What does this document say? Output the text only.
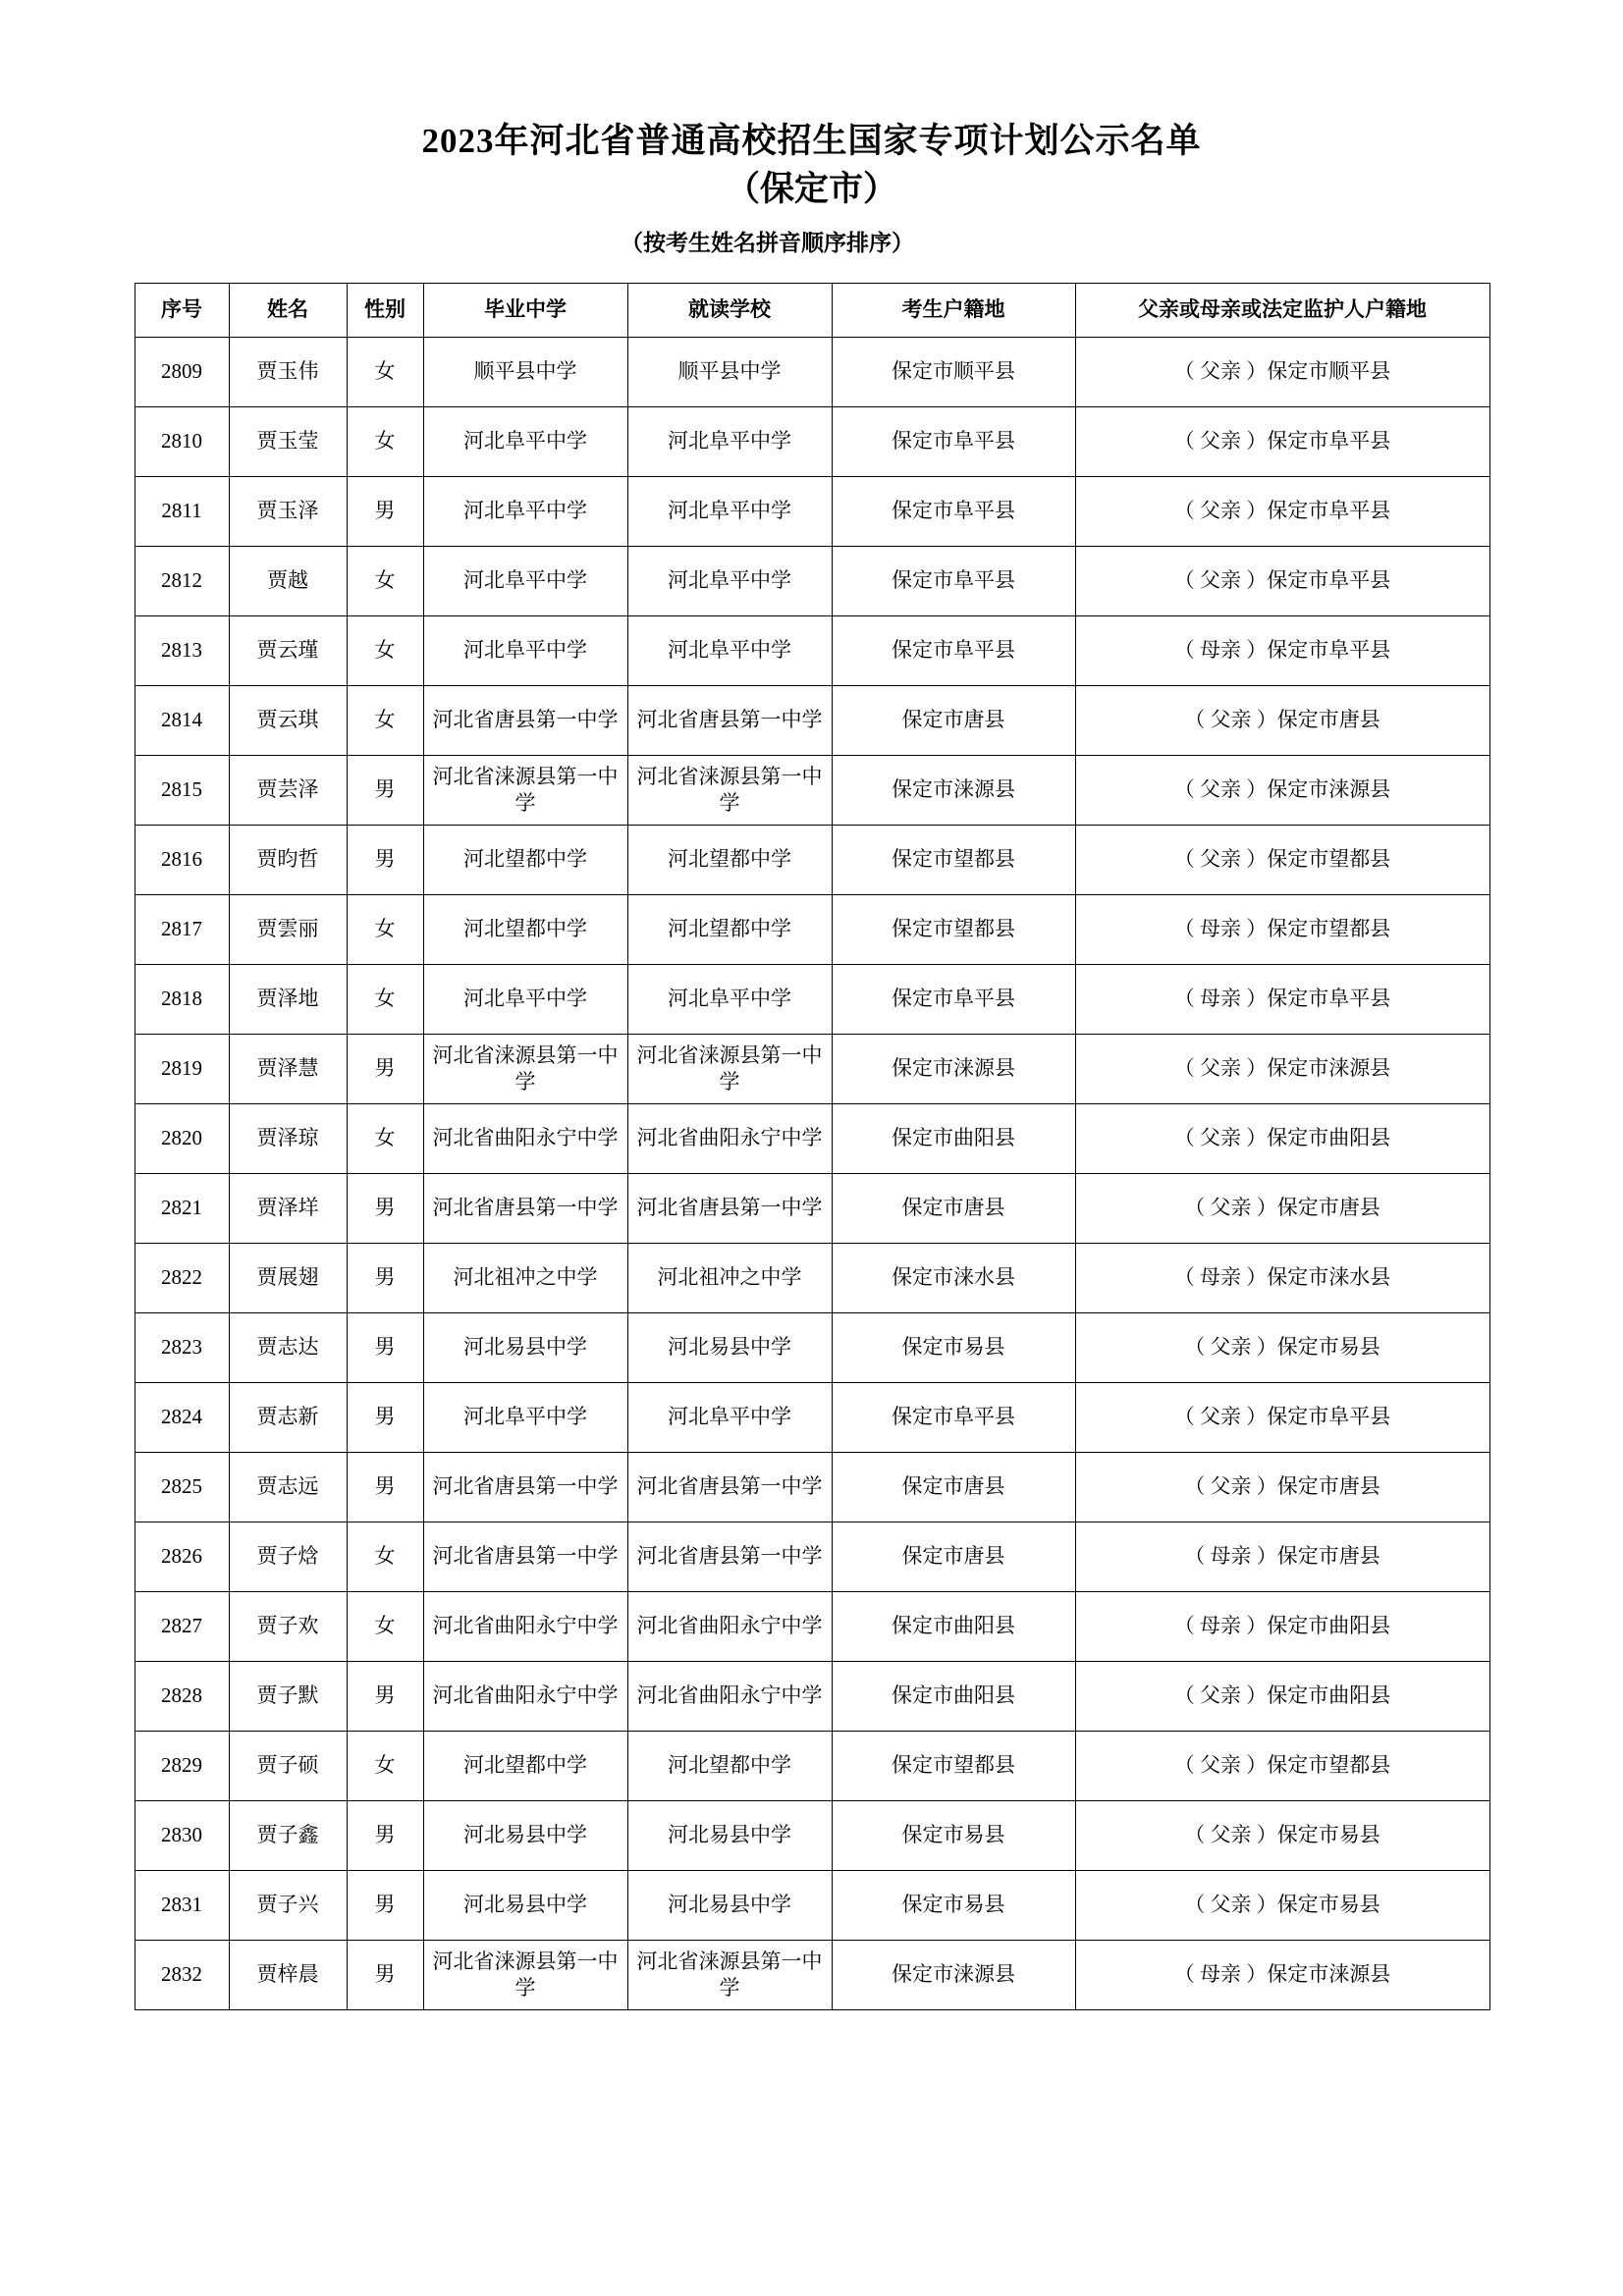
2023年河北省普通高校招生国家专项计划公示名单
（保定市）
（按考生姓名拼音顺序排序）
序号	姓名	性别	毕业中学	就读学校	考生户籍地	父亲或母亲或法定监护人户籍地
2809	贾玉伟	女	顺平县中学	顺平县中学	保定市顺平县	（ 父亲 ）保定市顺平县
2810	贾玉莹	女	河北阜平中学	河北阜平中学	保定市阜平县	（ 父亲 ）保定市阜平县
2811	贾玉泽	男	河北阜平中学	河北阜平中学	保定市阜平县	（ 父亲 ）保定市阜平县
2812	贾越	女	河北阜平中学	河北阜平中学	保定市阜平县	（ 父亲 ）保定市阜平县
2813	贾云瑾	女	河北阜平中学	河北阜平中学	保定市阜平县	（ 母亲 ）保定市阜平县
2814	贾云琪	女	河北省唐县第一中学	河北省唐县第一中学	保定市唐县	（ 父亲 ）保定市唐县
2815	贾芸泽	男	河北省涞源县第一中学	河北省涞源县第一中学	保定市涞源县	（ 父亲 ）保定市涞源县
2816	贾昀哲	男	河北望都中学	河北望都中学	保定市望都县	（ 父亲 ）保定市望都县
2817	贾雲丽	女	河北望都中学	河北望都中学	保定市望都县	（ 母亲 ）保定市望都县
2818	贾泽地	女	河北阜平中学	河北阜平中学	保定市阜平县	（ 母亲 ）保定市阜平县
2819	贾泽慧	男	河北省涞源县第一中学	河北省涞源县第一中学	保定市涞源县	（ 父亲 ）保定市涞源县
2820	贾泽琼	女	河北省曲阳永宁中学	河北省曲阳永宁中学	保定市曲阳县	（ 父亲 ）保定市曲阳县
2821	贾泽垟	男	河北省唐县第一中学	河北省唐县第一中学	保定市唐县	（ 父亲 ）保定市唐县
2822	贾展翅	男	河北祖冲之中学	河北祖冲之中学	保定市涞水县	（ 母亲 ）保定市涞水县
2823	贾志达	男	河北易县中学	河北易县中学	保定市易县	（ 父亲 ）保定市易县
2824	贾志新	男	河北阜平中学	河北阜平中学	保定市阜平县	（ 父亲 ）保定市阜平县
2825	贾志远	男	河北省唐县第一中学	河北省唐县第一中学	保定市唐县	（ 父亲 ）保定市唐县
2826	贾子焓	女	河北省唐县第一中学	河北省唐县第一中学	保定市唐县	（ 母亲 ）保定市唐县
2827	贾子欢	女	河北省曲阳永宁中学	河北省曲阳永宁中学	保定市曲阳县	（ 母亲 ）保定市曲阳县
2828	贾子默	男	河北省曲阳永宁中学	河北省曲阳永宁中学	保定市曲阳县	（ 父亲 ）保定市曲阳县
2829	贾子硕	女	河北望都中学	河北望都中学	保定市望都县	（ 父亲 ）保定市望都县
2830	贾子鑫	男	河北易县中学	河北易县中学	保定市易县	（ 父亲 ）保定市易县
2831	贾子兴	男	河北易县中学	河北易县中学	保定市易县	（ 父亲 ）保定市易县
2832	贾梓晨	男	河北省涞源县第一中学	河北省涞源县第一中学	保定市涞源县	（ 母亲 ）保定市涞源县
